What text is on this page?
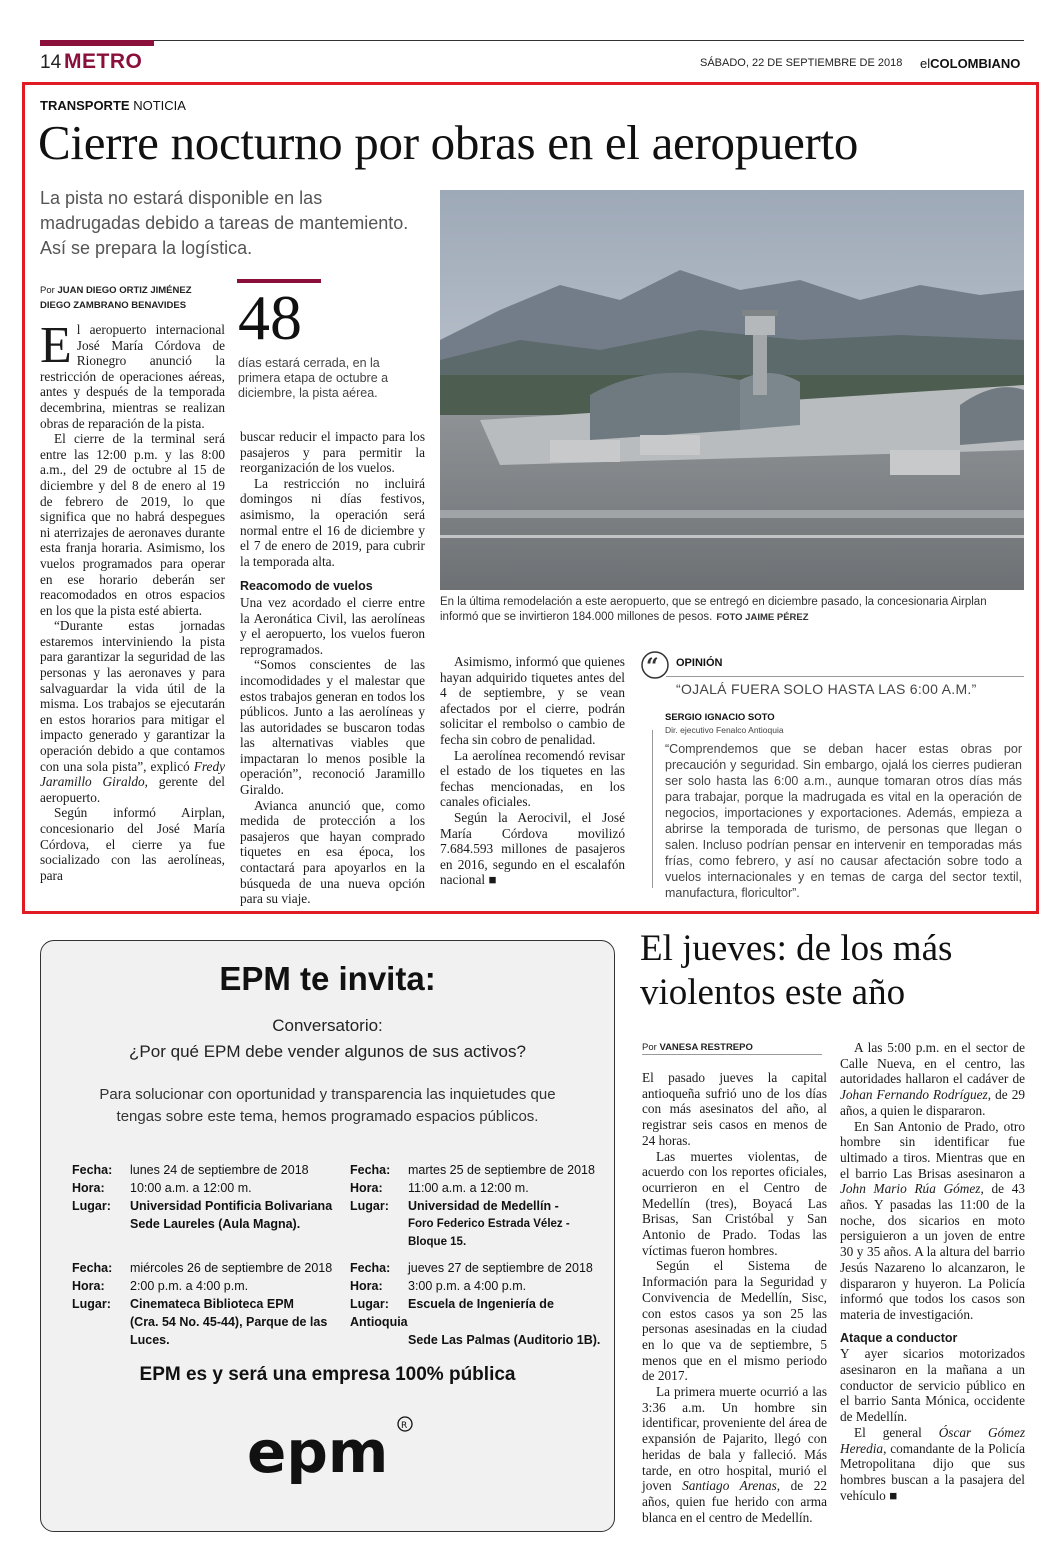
14 METRO	SÁBADO, 22 DE SEPTIEMBRE DE 2018 elCOLOMBIANO
TRANSPORTE NOTICIA
Cierre nocturno por obras en el aeropuerto
La pista no estará disponible en las madrugadas debido a tareas de mantemiento. Así se prepara la logística.
Por JUAN DIEGO ORTIZ JIMÉNEZ
DIEGO ZAMBRANO BENAVIDES

El aeropuerto internacional José María Córdova de Rionegro anunció la restricción de operaciones aéreas, antes y después de la temporada decembrina, mientras se realizan obras de reparación de la pista.

El cierre de la terminal será entre las 12:00 p.m. y las 8:00 a.m., del 29 de octubre al 15 de diciembre y del 8 de enero al 19 de febrero de 2019, lo que significa que no habrá despegues ni aterrizajes de aeronaves durante esta franja horaria. Asimismo, los vuelos programados para operar en ese horario deberán ser reacomodados en otros espacios en los que la pista esté abierta.

“Durante estas jornadas estaremos interviniendo la pista para garantizar la seguridad de las personas y las aeronaves y para salvaguardar la vida útil de la misma. Los trabajos se ejecutarán en estos horarios para mitigar el impacto generado y garantizar la operación debido a que contamos con una sola pista”, explicó Fredy Jaramillo Giraldo, gerente del aeropuerto.

Según informó Airplan, concesionario del José María Córdova, el cierre ya fue socializado con las aerolíneas, para

48
días estará cerrada, en la primera etapa de octubre a diciembre, la pista aérea.

buscar reducir el impacto para los pasajeros y para permitir la reorganización de los vuelos.

La restricción no incluirá domingos ni días festivos, asimismo, la operación será normal entre el 16 de diciembre y el 7 de enero de 2019, para cubrir la temporada alta.

Reacomodo de vuelos

Una vez acordado el cierre entre la Aeronática Civil, las aerolíneas y el aeropuerto, los vuelos fueron reprogramados.

“Somos conscientes de las incomodidades y el malestar que estos trabajos generan en todos los públicos. Junto a las aerolíneas y las autoridades se buscaron todas las alternativas viables que impactaran lo menos posible la operación”, reconoció Jaramillo Giraldo.

Avianca anunció que, como medida de protección a los pasajeros que hayan comprado tiquetes en esa época, los contactará para apoyarlos en la búsqueda de una nueva opción para su viaje.

En la última remodelación a este aeropuerto, que se entregó en diciembre pasado, la concesionaria Airplan informó que se invirtieron 184.000 millones de pesos. FOTO JAIME PÉREZ

Asimismo, informó que quienes hayan adquirido tiquetes antes del 4 de septiembre, y se vean afectados por el cierre, podrán solicitar el rembolso o cambio de fecha sin cobro de penalidad.

La aerolínea recomendó revisar el estado de los tiquetes en las fechas mencionadas, en los canales oficiales.

Según la Aerocivil, el José María Córdova movilizó 7.684.593 millones de pasajeros en 2016, segundo en el escalafón nacional ■

“ OPINIÓN
“OJALÁ FUERA SOLO HASTA LAS 6:00 A.M.”
SERGIO IGNACIO SOTO
Dir. ejecutivo Fenalco Antioquia
“Comprendemos que se deban hacer estas obras por precaución y seguridad. Sin embargo, ojalá los cierres pudieran ser solo hasta las 6:00 a.m., aunque tomaran otros días más para trabajar, porque la madrugada es vital en la operación de negocios, importaciones y exportaciones. Además, empieza a abrirse la temporada de turismo, de personas que llegan o salen. Incluso podrían pensar en intervenir en temporadas más frías, como febrero, y así no causar afectación sobre todo a vuelos internacionales y en temas de carga del sector textil, manufactura, floricultor”.
EPM te invita:
Conversatorio:
¿Por qué EPM debe vender algunos de sus activos?
Para solucionar con oportunidad y transparencia las inquietudes que tengas sobre este tema, hemos programado espacios públicos.
Fecha: lunes 24 de septiembre de 2018
Hora: 10:00 a.m. a 12:00 m.
Lugar: Universidad Pontificia Bolivariana
Sede Laureles (Aula Magna).
Fecha: martes 25 de septiembre de 2018
Hora: 11:00 a.m. a 12:00 m.
Lugar: Universidad de Medellín -
Foro Federico Estrada Vélez - Bloque 15.
Fecha: miércoles 26 de septiembre de 2018
Hora: 2:00 p.m. a 4:00 p.m.
Lugar: Cinemateca Biblioteca EPM
(Cra. 54 No. 45-44), Parque de las Luces.
Fecha: jueves 27 de septiembre de 2018
Hora: 3:00 p.m. a 4:00 p.m.
Lugar: Escuela de Ingeniería de Antioquia
Sede Las Palmas (Auditorio 1B).
EPM es y será una empresa 100% pública
epm R
El jueves: de los más violentos este año
Por VANESA RESTREPO

El pasado jueves la capital antioqueña sufrió uno de los días con más asesinatos del año, al registrar seis casos en menos de 24 horas.

Las muertes violentas, de acuerdo con los reportes oficiales, ocurrieron en el Centro de Medellín (tres), Boyacá Las Brisas, San Cristóbal y San Antonio de Prado. Todas las víctimas fueron hombres.

Según el Sistema de Información para la Seguridad y Convivencia de Medellín, Sisc, con estos casos ya son 25 las personas asesinadas en la ciudad en lo que va de septiembre, 5 menos que en el mismo periodo de 2017.

La primera muerte ocurrió a las 3:36 a.m. Un hombre sin identificar, proveniente del área de expansión de Pajarito, llegó con heridas de bala y falleció. Más tarde, en otro hospital, murió el joven Santiago Arenas, de 22 años, quien fue herido con arma blanca en el centro de Medellín.

A las 5:00 p.m. en el sector de Calle Nueva, en el centro, las autoridades hallaron el cadáver de Johan Fernando Rodríguez, de 29 años, a quien le dispararon.

En San Antonio de Prado, otro hombre sin identificar fue ultimado a tiros. Mientras que en el barrio Las Brisas asesinaron a John Mario Rúa Gómez, de 43 años. Y pasadas las 11:00 de la noche, dos sicarios en moto persiguieron a un joven de entre 30 y 35 años. A la altura del barrio Jesús Nazareno lo alcanzaron, le dispararon y huyeron. La Policía informó que todos los casos son materia de investigación.

Ataque a conductor

Y ayer sicarios motorizados asesinaron en la mañana a un conductor de servicio público en el barrio Santa Mónica, occidente de Medellín.

El general Óscar Gómez Heredia, comandante de la Policía Metropolitana dijo que sus hombres buscan a la pasajera del vehículo ■
